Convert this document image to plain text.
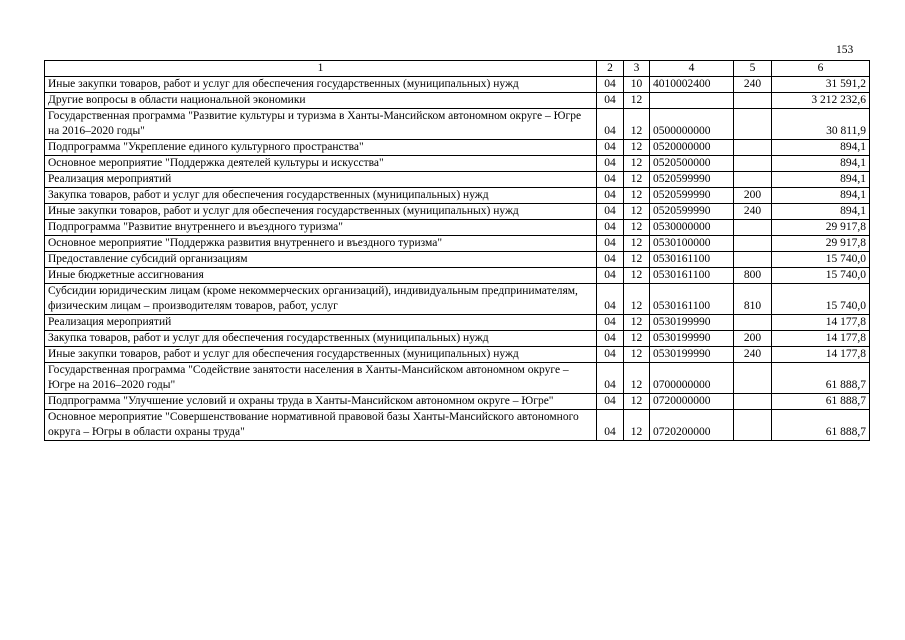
153
1	2	3	4	5	6
Иные закупки товаров, работ и услуг для обеспечения государственных (муниципальных) нужд	04	10	4010002400	240	31 591,2
Другие вопросы в области национальной экономики	04	12			3 212 232,6
Государственная программа "Развитие культуры и туризма в Ханты-Мансийском автономном округе – Югре на 2016–2020 годы"	04	12	0500000000		30 811,9
Подпрограмма "Укрепление единого культурного пространства"	04	12	0520000000		894,1
Основное мероприятие "Поддержка деятелей культуры и искусства"	04	12	0520500000		894,1
Реализация мероприятий	04	12	0520599990		894,1
Закупка товаров, работ и услуг для обеспечения государственных (муниципальных) нужд	04	12	0520599990	200	894,1
Иные закупки товаров, работ и услуг для обеспечения государственных (муниципальных) нужд	04	12	0520599990	240	894,1
Подпрограмма "Развитие внутреннего и въездного туризма"	04	12	0530000000		29 917,8
Основное мероприятие "Поддержка развития внутреннего и въездного туризма"	04	12	0530100000		29 917,8
Предоставление субсидий организациям	04	12	0530161100		15 740,0
Иные бюджетные ассигнования	04	12	0530161100	800	15 740,0
Субсидии юридическим лицам (кроме некоммерческих организаций), индивидуальным предпринимателям, физическим лицам – производителям товаров, работ, услуг	04	12	0530161100	810	15 740,0
Реализация мероприятий	04	12	0530199990		14 177,8
Закупка товаров, работ и услуг для обеспечения государственных (муниципальных) нужд	04	12	0530199990	200	14 177,8
Иные закупки товаров, работ и услуг для обеспечения государственных (муниципальных) нужд	04	12	0530199990	240	14 177,8
Государственная программа "Содействие занятости населения в Ханты-Мансийском автономном округе – Югре на 2016–2020 годы"	04	12	0700000000		61 888,7
Подпрограмма "Улучшение условий и охраны труда в Ханты-Мансийском автономном округе – Югре"	04	12	0720000000		61 888,7
Основное мероприятие "Совершенствование нормативной правовой базы Ханты-Мансийского автономного округа – Югры в области охраны труда"	04	12	0720200000		61 888,7
